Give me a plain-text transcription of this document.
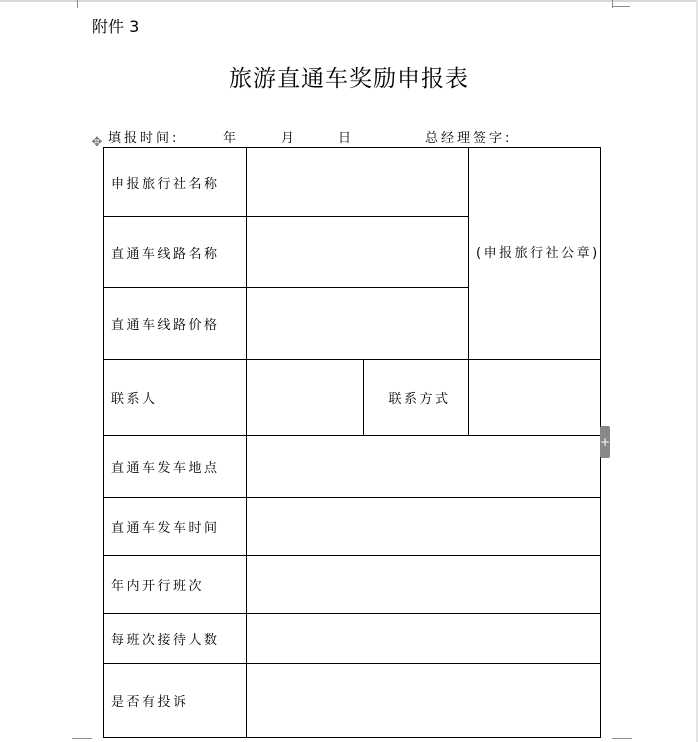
附件 3
旅游直通车奖励申报表
填报时间:	年	月	日	总经理签字:
✥
申报旅行社名称			(申报旅行社公章)
直通车线路名称			
直通车线路价格			
联系人		联系方式	
直通车发车地点			
直通车发车时间			
年内开行班次			
每班次接待人数			
是否有投诉			
+
